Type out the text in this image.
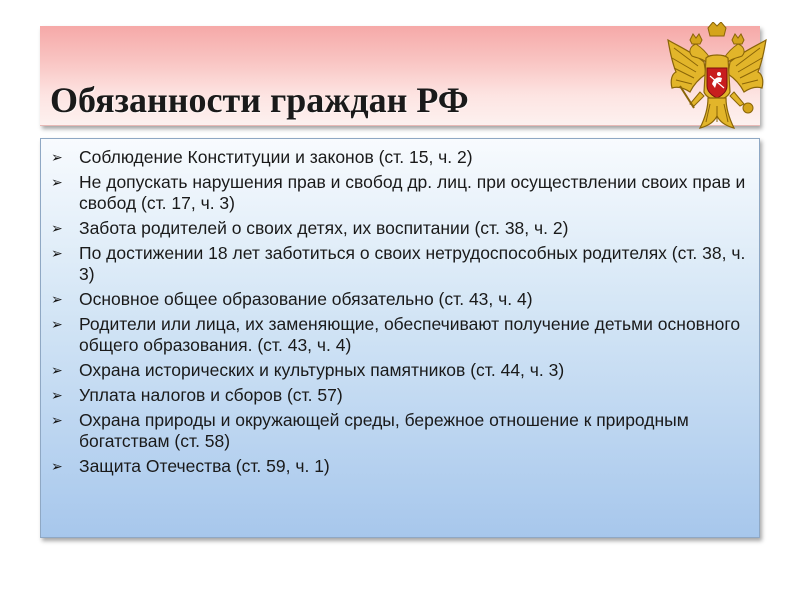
Обязанности граждан РФ
➢ Соблюдение Конституции и законов (ст. 15, ч. 2)
➢ Не допускать нарушения прав и свобод др. лиц. при осуществлении своих прав и свобод (ст. 17, ч. 3)
➢ Забота родителей о своих детях, их воспитании (ст. 38, ч. 2)
➢ По достижении 18 лет заботиться о своих нетрудоспособных родителях (ст. 38, ч. 3)
➢ Основное общее образование обязательно (ст. 43, ч. 4)
➢ Родители или лица, их заменяющие, обеспечивают получение детьми основного общего образования. (ст. 43, ч. 4)
➢ Охрана исторических и культурных памятников (ст. 44, ч. 3)
➢ Уплата налогов и сборов (ст. 57)
➢ Охрана природы и окружающей среды, бережное отношение к природным богатствам (ст. 58)
➢ Защита Отечества (ст. 59, ч. 1)
